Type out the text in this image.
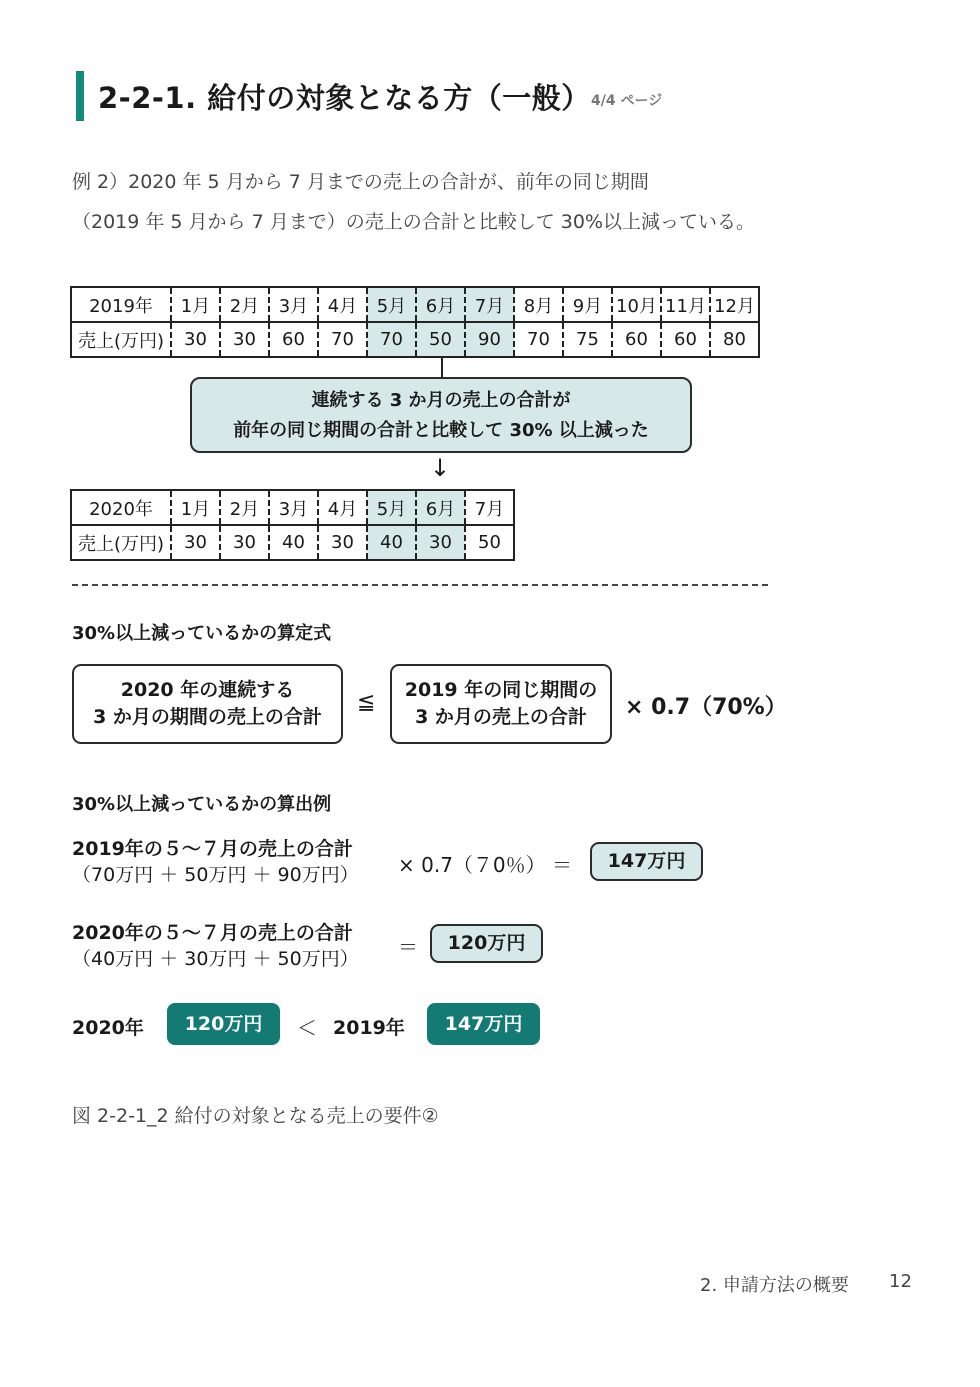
2-2-1. 給付の対象となる方（一般） 4/4 ページ
例 2）2020 年 5 月から 7 月までの売上の合計が、前年の同じ期間
（2019 年 5 月から 7 月まで）の売上の合計と比較して 30%以上減っている。
2019年	1月	2月	3月	4月	5月	6月	7月	8月	9月	10月	11月	12月
売上(万円)	30	30	60	70	70	50	90	70	75	60	60	80
連続する 3 か月の売上の合計が
前年の同じ期間の合計と比較して 30% 以上減った
↓
2020年	1月	2月	3月	4月	5月	6月	7月
売上(万円)	30	30	40	30	40	30	50
30%以上減っているかの算定式
2020 年の連続する
3 か月の期間の売上の合計
≦	2019 年の同じ期間の
3 か月の売上の合計	× 0.7（70%）
30%以上減っているかの算出例
2019年の５～７月の売上の合計
（70万円 ＋ 50万円 ＋ 90万円） × 0.7（７0％） ＝	147万円
2020年の５～７月の売上の合計
（40万円 ＋ 30万円 ＋ 50万円） ＝	120万円
2020年	120万円	＜ 2019年	147万円
図 2-2-1_2 給付の対象となる売上の要件②
2. 申請方法の概要 12
